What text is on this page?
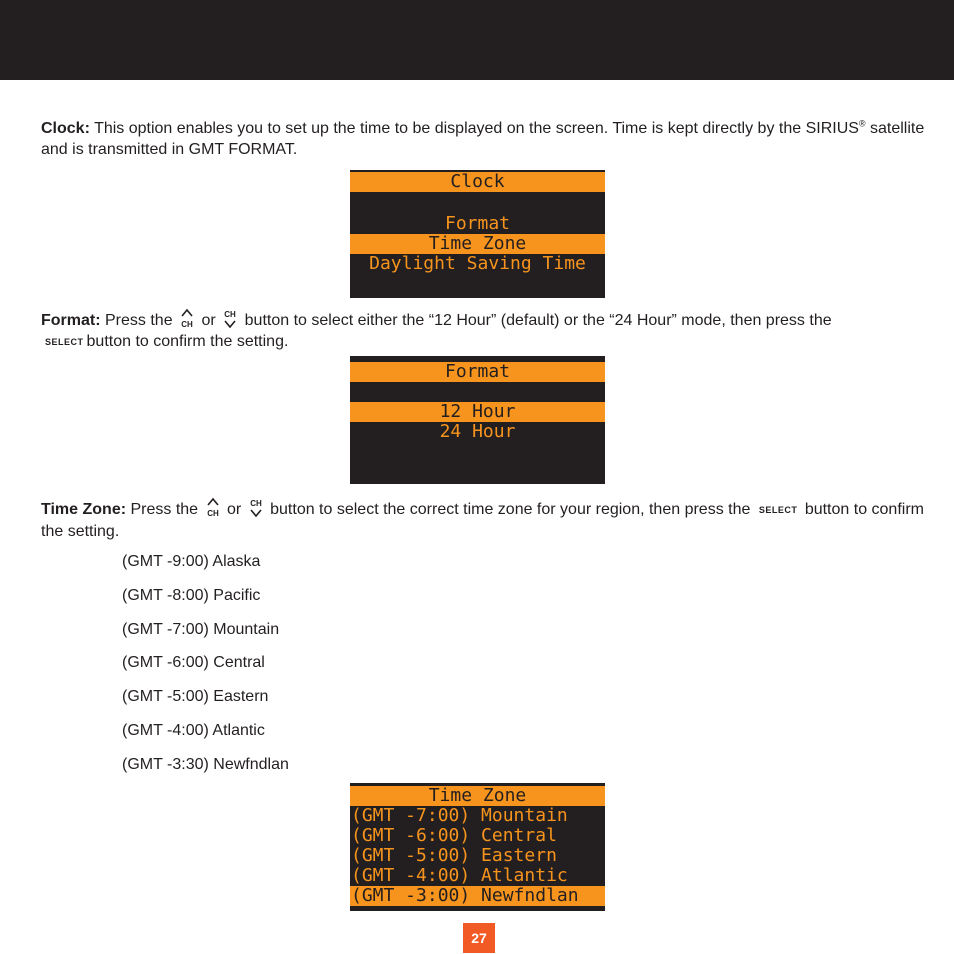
Clock: This option enables you to set up the time to be displayed on the screen. Time is kept directly by the SIRIUS® satellite and is transmitted in GMT FORMAT.

Clock
Format
Time Zone
Daylight Saving Time

Format: Press the CH or CH button to select either the “12 Hour” (default) or the “24 Hour” mode, then press the
SELECT button to confirm the setting.

Format
12 Hour
24 Hour

Time Zone: Press the CH or CH button to select the correct time zone for your region, then press the SELECT button to confirm the setting.

(GMT -9:00) Alaska
(GMT -8:00) Pacific
(GMT -7:00) Mountain
(GMT -6:00) Central
(GMT -5:00) Eastern
(GMT -4:00) Atlantic
(GMT -3:30) Newfndlan
Time Zone
(GMT -7:00) Mountain
(GMT -6:00) Central
(GMT -5:00) Eastern
(GMT -4:00) Atlantic
(GMT -3:00) Newfndlan
27
